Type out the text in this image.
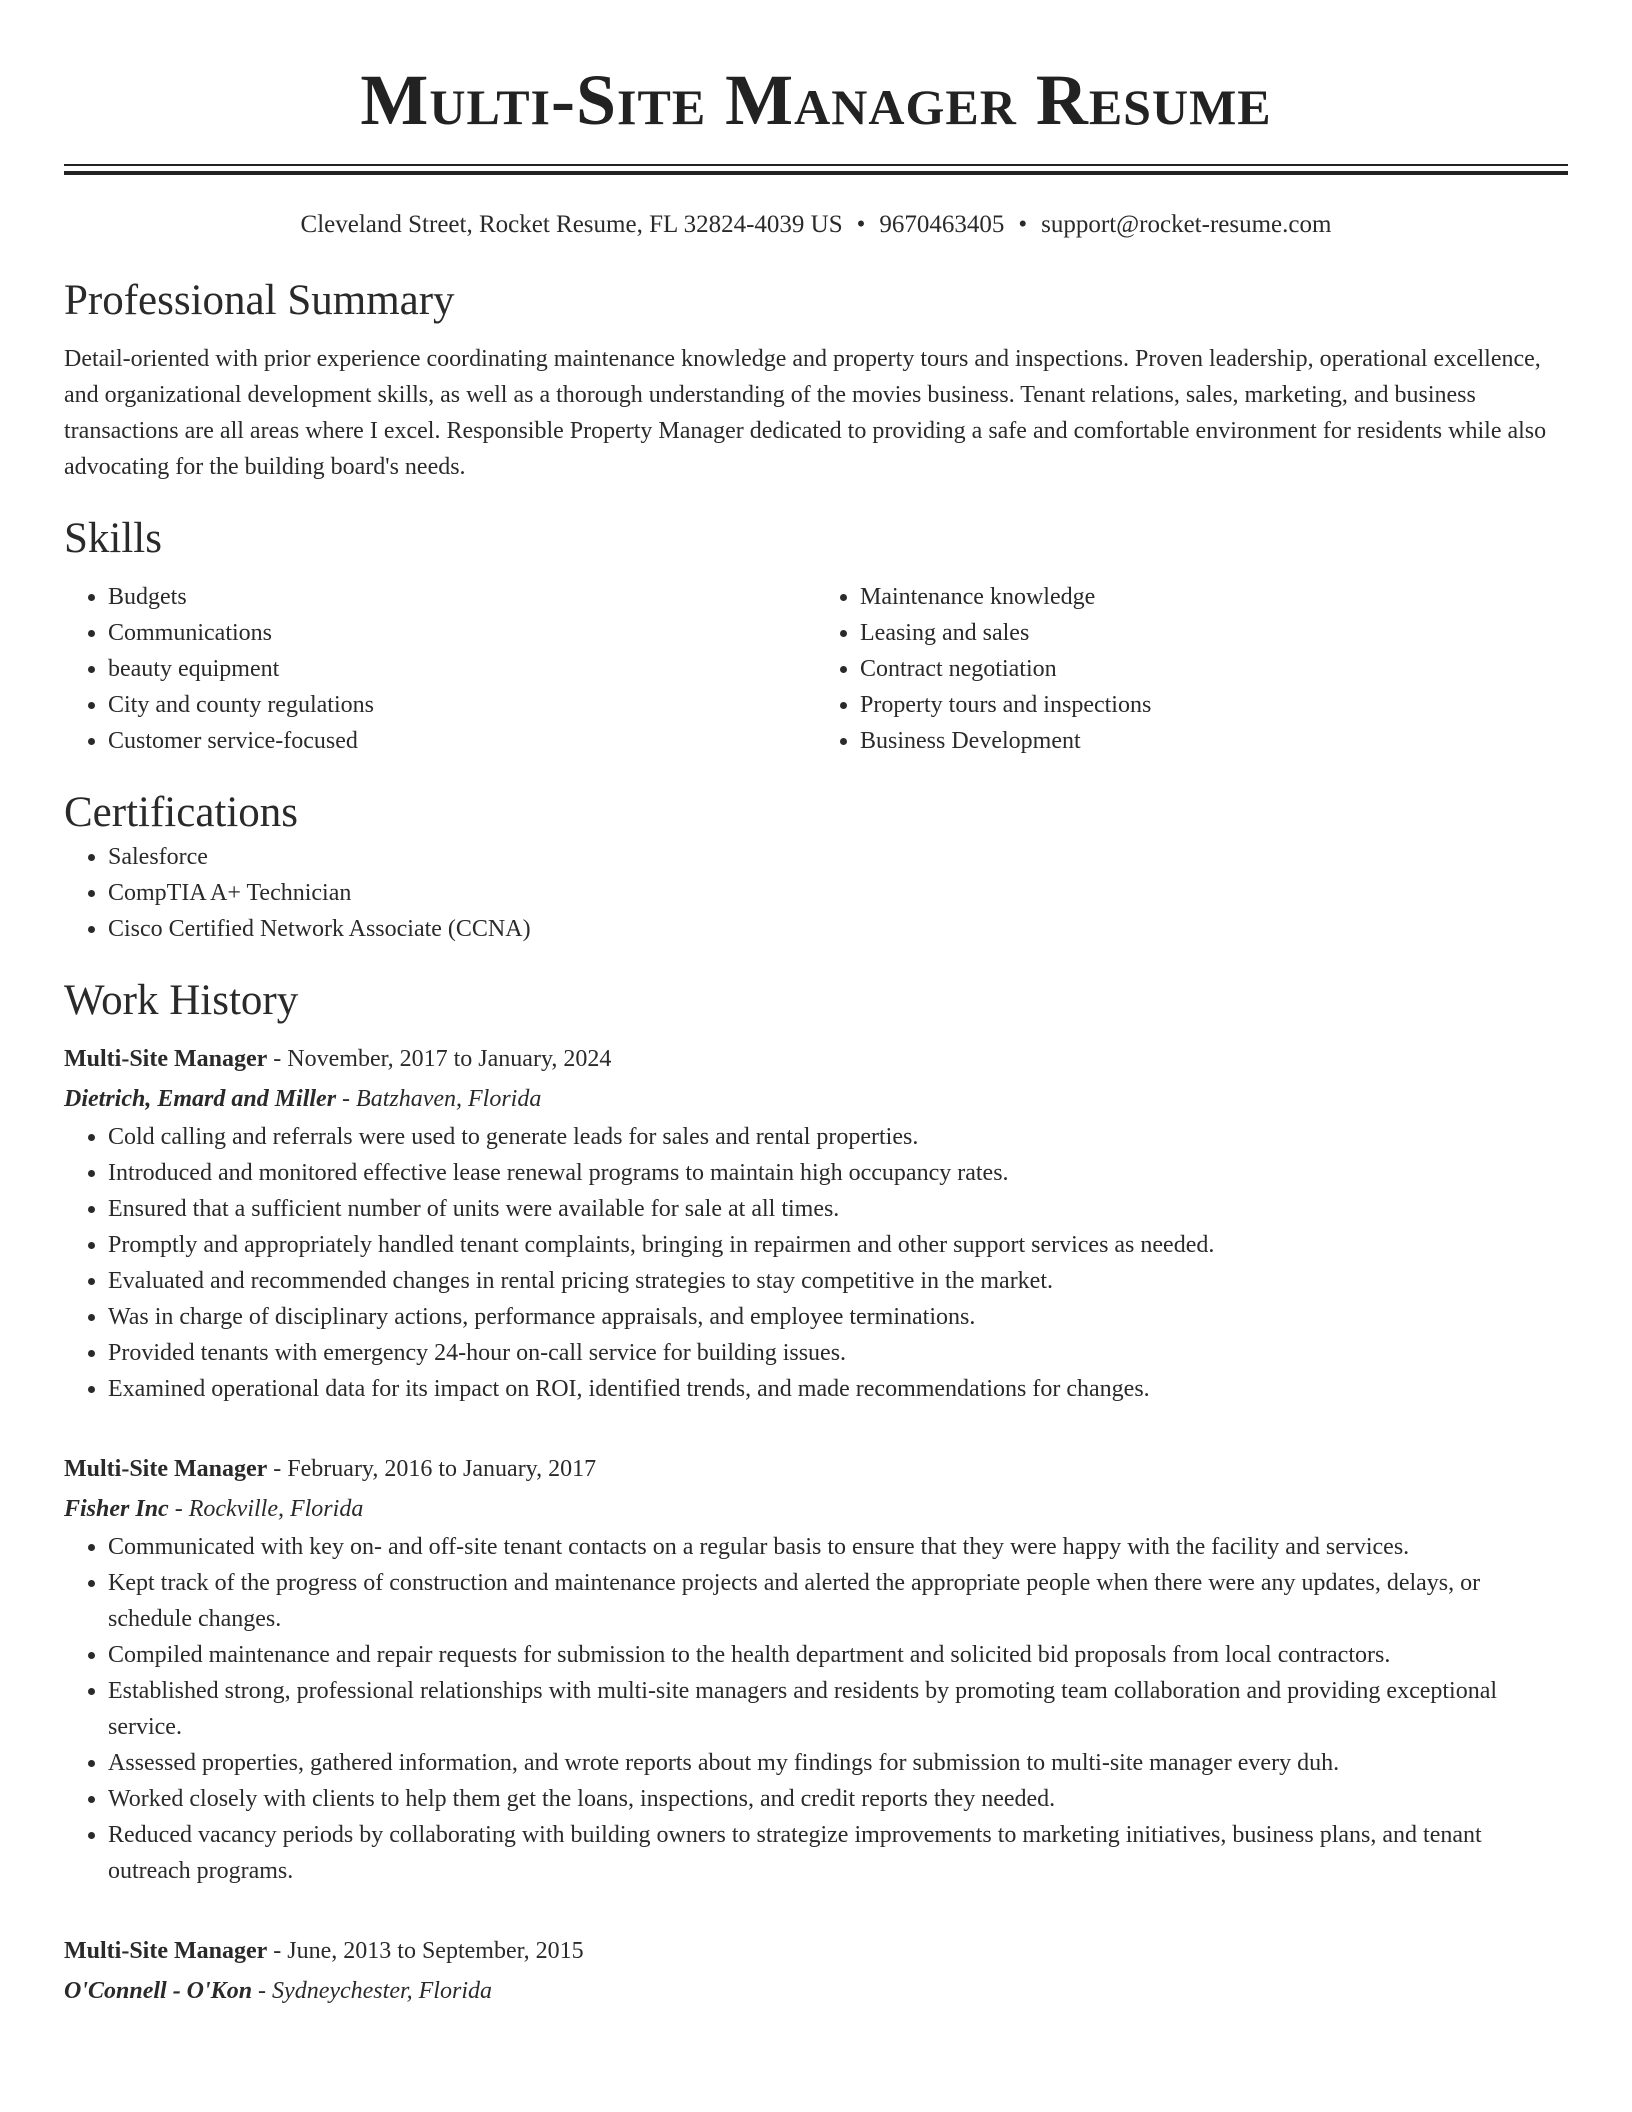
Multi-Site Manager Resume
Cleveland Street, Rocket Resume, FL 32824-4039 US • 9670463405 • support@rocket-resume.com
Professional Summary

Detail-oriented with prior experience coordinating maintenance knowledge and property tours and inspections. Proven leadership, operational excellence, and organizational development skills, as well as a thorough understanding of the movies business. Tenant relations, sales, marketing, and business transactions are all areas where I excel. Responsible Property Manager dedicated to providing a safe and comfortable environment for residents while also advocating for the building board's needs.

Skills
• Budgets
• Communications
• beauty equipment
• City and county regulations
• Customer service-focused
• Maintenance knowledge
• Leasing and sales
• Contract negotiation
• Property tours and inspections
• Business Development
Certifications
• Salesforce
• CompTIA A+ Technician
• Cisco Certified Network Associate (CCNA)
Work History
Multi-Site Manager - November, 2017 to January, 2024
Dietrich, Emard and Miller - Batzhaven, Florida
• Cold calling and referrals were used to generate leads for sales and rental properties.
• Introduced and monitored effective lease renewal programs to maintain high occupancy rates.
• Ensured that a sufficient number of units were available for sale at all times.
• Promptly and appropriately handled tenant complaints, bringing in repairmen and other support services as needed.
• Evaluated and recommended changes in rental pricing strategies to stay competitive in the market.
• Was in charge of disciplinary actions, performance appraisals, and employee terminations.
• Provided tenants with emergency 24-hour on-call service for building issues.
• Examined operational data for its impact on ROI, identified trends, and made recommendations for changes.
Multi-Site Manager - February, 2016 to January, 2017
Fisher Inc - Rockville, Florida
• Communicated with key on- and off-site tenant contacts on a regular basis to ensure that they were happy with the facility and services.
• Kept track of the progress of construction and maintenance projects and alerted the appropriate people when there were any updates, delays, or schedule changes.
• Compiled maintenance and repair requests for submission to the health department and solicited bid proposals from local contractors.
• Established strong, professional relationships with multi-site managers and residents by promoting team collaboration and providing exceptional service.
• Assessed properties, gathered information, and wrote reports about my findings for submission to multi-site manager every duh.
• Worked closely with clients to help them get the loans, inspections, and credit reports they needed.
• Reduced vacancy periods by collaborating with building owners to strategize improvements to marketing initiatives, business plans, and tenant outreach programs.
Multi-Site Manager - June, 2013 to September, 2015
O'Connell - O'Kon - Sydneychester, Florida
